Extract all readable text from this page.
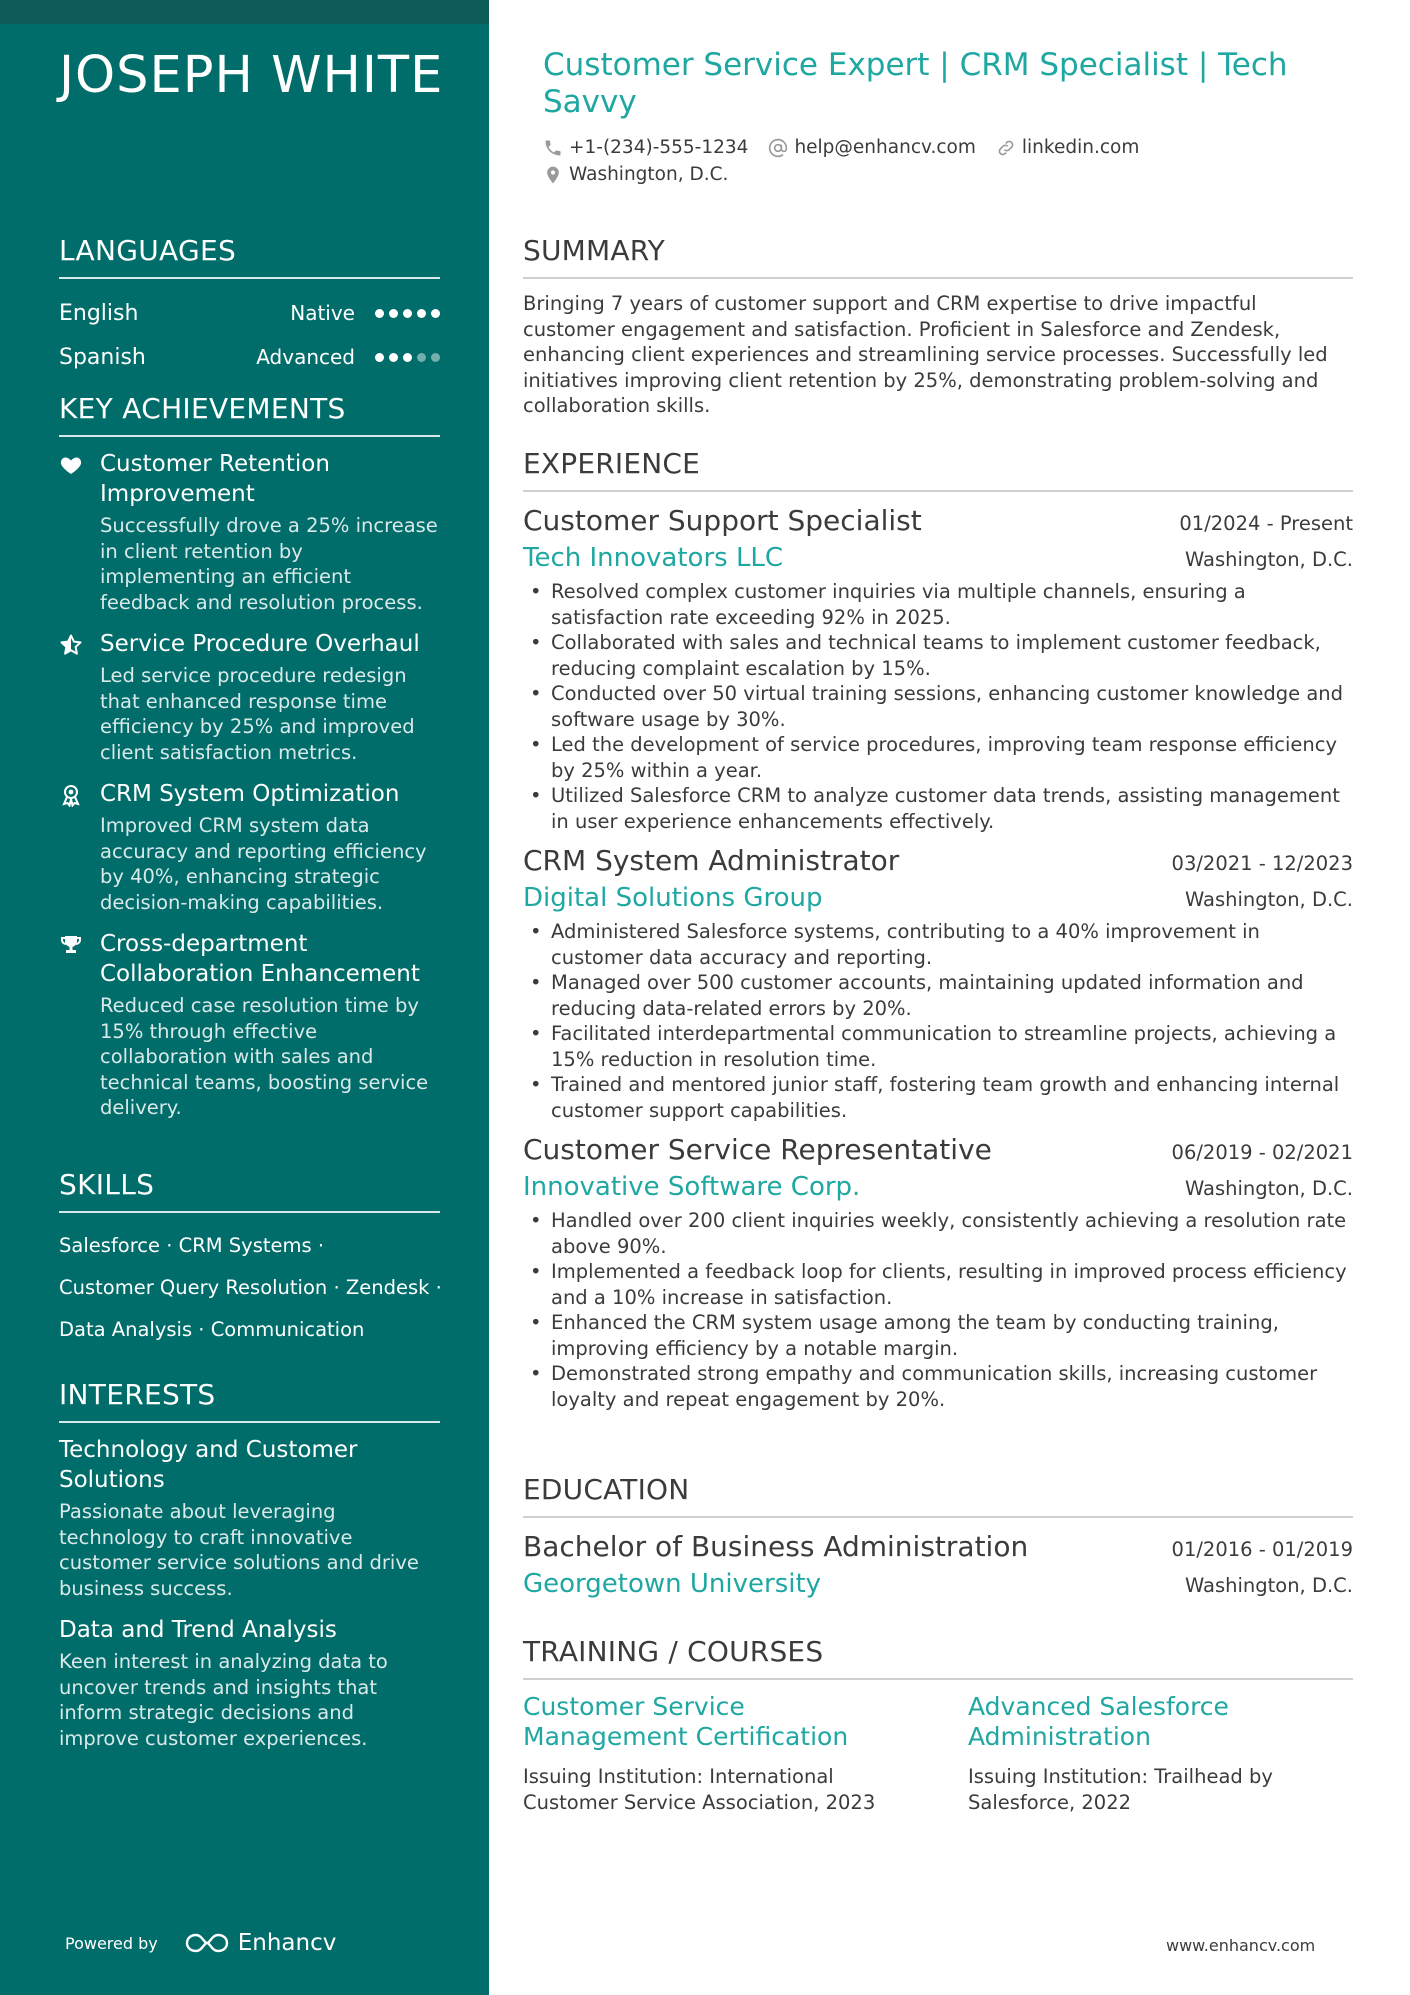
JOSEPH WHITE
LANGUAGES
English	Native
Spanish	Advanced
KEY ACHIEVEMENTS
Customer Retention Improvement
Successfully drove a 25% increase in client retention by implementing an efficient feedback and resolution process.
Service Procedure Overhaul
Led service procedure redesign that enhanced response time efficiency by 25% and improved client satisfaction metrics.
CRM System Optimization
Improved CRM system data accuracy and reporting efficiency by 40%, enhancing strategic decision-making capabilities.
Cross-department Collaboration Enhancement
Reduced case resolution time by 15% through effective collaboration with sales and technical teams, boosting service delivery.
SKILLS
Salesforce · CRM Systems ·
Customer Query Resolution · Zendesk ·
Data Analysis · Communication
INTERESTS
Technology and Customer Solutions
Passionate about leveraging technology to craft innovative customer service solutions and drive business success.
Data and Trend Analysis
Keen interest in analyzing data to uncover trends and insights that inform strategic decisions and improve customer experiences.
Powered by	Enhancv
Customer Service Expert | CRM Specialist | Tech Savvy
+1-(234)-555-1234 help@enhancv.com linkedin.com
Washington, D.C.
SUMMARY
Bringing 7 years of customer support and CRM expertise to drive impactful customer engagement and satisfaction. Proficient in Salesforce and Zendesk, enhancing client experiences and streamlining service processes. Successfully led initiatives improving client retention by 25%, demonstrating problem-solving and collaboration skills.
EXPERIENCE
Customer Support Specialist	01/2024 - Present
Tech Innovators LLC	Washington, D.C.
• Resolved complex customer inquiries via multiple channels, ensuring a satisfaction rate exceeding 92% in 2025.
• Collaborated with sales and technical teams to implement customer feedback, reducing complaint escalation by 15%.
• Conducted over 50 virtual training sessions, enhancing customer knowledge and software usage by 30%.
• Led the development of service procedures, improving team response efficiency by 25% within a year.
• Utilized Salesforce CRM to analyze customer data trends, assisting management in user experience enhancements effectively.
CRM System Administrator	03/2021 - 12/2023
Digital Solutions Group	Washington, D.C.
• Administered Salesforce systems, contributing to a 40% improvement in customer data accuracy and reporting.
• Managed over 500 customer accounts, maintaining updated information and reducing data-related errors by 20%.
• Facilitated interdepartmental communication to streamline projects, achieving a 15% reduction in resolution time.
• Trained and mentored junior staff, fostering team growth and enhancing internal customer support capabilities.
Customer Service Representative	06/2019 - 02/2021
Innovative Software Corp.	Washington, D.C.
• Handled over 200 client inquiries weekly, consistently achieving a resolution rate above 90%.
• Implemented a feedback loop for clients, resulting in improved process efficiency and a 10% increase in satisfaction.
• Enhanced the CRM system usage among the team by conducting training, improving efficiency by a notable margin.
• Demonstrated strong empathy and communication skills, increasing customer loyalty and repeat engagement by 20%.
EDUCATION
Bachelor of Business Administration	01/2016 - 01/2019
Georgetown University	Washington, D.C.
TRAINING / COURSES
Customer Service Management Certification
Issuing Institution: International Customer Service Association, 2023
Advanced Salesforce Administration
Issuing Institution: Trailhead by Salesforce, 2022
www.enhancv.com
